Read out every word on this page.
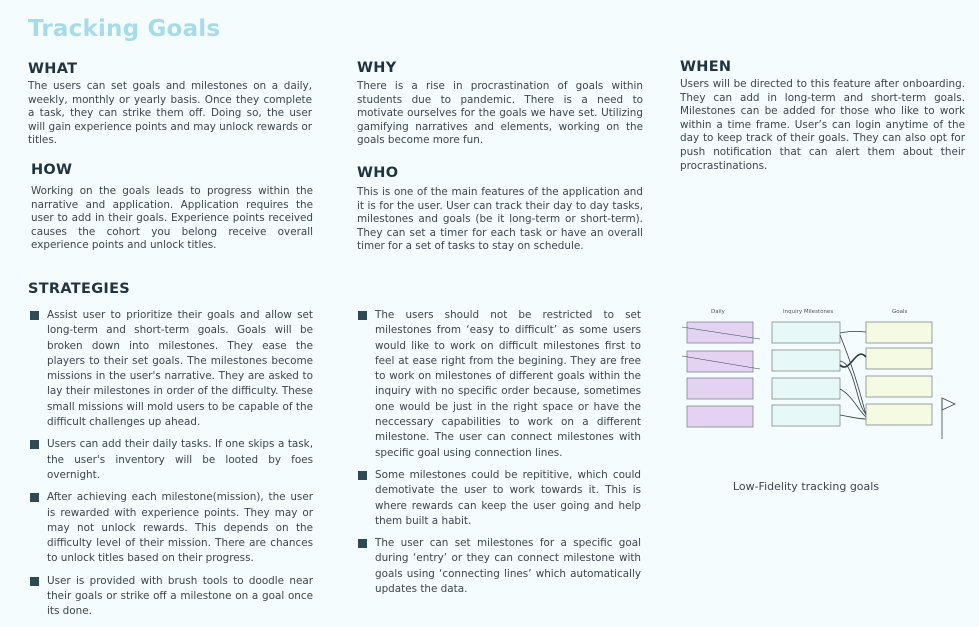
Tracking Goals
WHAT

The users can set goals and milestones on a daily, weekly, monthly or yearly basis. Once they complete a task, they can strike them off. Doing so, the user will gain experience points and may unlock rewards or titles.

WHY

There is a rise in procrastination of goals within students due to pandemic. There is a need to motivate ourselves for the goals we have set. Utilizing gamifying narratives and elements, working on the goals become more fun.

WHEN

Users will be directed to this feature after onboarding. They can add in long-term and short-term goals. Milestones can be added for those who like to work within a time frame. User’s can login anytime of the day to keep track of their goals. They can also opt for push notification that can alert them about their procrastinations.

HOW

Working on the goals leads to progress within the narrative and application. Application requires the user to add in their goals. Experience points received causes the cohort you belong receive overall experience points and unlock titles.

WHO

This is one of the main features of the application and it is for the user. User can track their day to day tasks, milestones and goals (be it long-term or short-term). They can set a timer for each task or have an overall timer for a set of tasks to stay on schedule.

STRATEGIES
Assist user to prioritize their goals and allow set long-term and short-term goals. Goals will be broken down into milestones. They ease the players to their set goals. The milestones become missions in the user's narrative. They are asked to lay their milestones in order of the difficulty. These small missions will mold users to be capable of the difficult challenges up ahead.
Users can add their daily tasks. If one skips a task, the user's inventory will be looted by foes overnight.
After achieving each milestone(mission), the user is rewarded with experience points. They may or may not unlock rewards. This depends on the difficulty level of their mission. There are chances to unlock titles based on their progress.
User is provided with brush tools to doodle near their goals or strike off a milestone on a goal once its done.
The users should not be restricted to set milestones from ‘easy to difficult’ as some users would like to work on difficult milestones first to feel at ease right from the begining. They are free to work on milestones of different goals within the inquiry with no specific order because, sometimes one would be just in the right space or have the neccessary capabilities to work on a different milestone. The user can connect milestones with specific goal using connection lines.
Some milestones could be repititive, which could demotivate the user to work towards it. This is where rewards can keep the user going and help them built a habit.
The user can set milestones for a specific goal during ‘entry’ or they can connect milestone with goals using ‘connecting lines’ which automatically updates the data.
Daily	Inquiry Milestones	Goals
Low-Fidelity tracking goals
